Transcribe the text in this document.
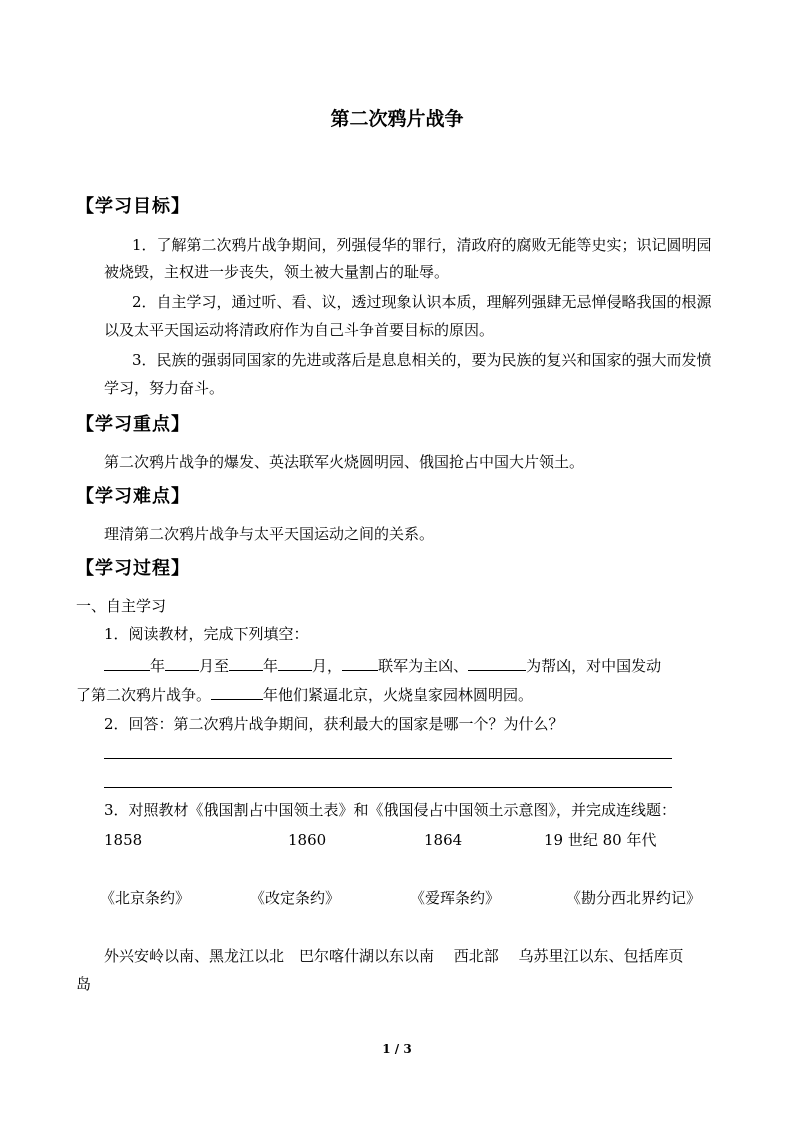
第二次鸦片战争
【学习目标】
1．了解第二次鸦片战争期间，列强侵华的罪行，清政府的腐败无能等史实；识记圆明园
被烧毁，主权进一步丧失，领土被大量割占的耻辱。
2．自主学习，通过听、看、议，透过现象认识本质，理解列强肆无忌惮侵略我国的根源
以及太平天国运动将清政府作为自己斗争首要目标的原因。
3．民族的强弱同国家的先进或落后是息息相关的，要为民族的复兴和国家的强大而发愤
学习，努力奋斗。
【学习重点】
第二次鸦片战争的爆发、英法联军火烧圆明园、俄国抢占中国大片领土。
【学习难点】
理清第二次鸦片战争与太平天国运动之间的关系。
【学习过程】
一、自主学习
1．阅读教材，完成下列填空：
年 月至 年 月， 联军为主凶、	为帮凶，对中国发动
了第二次鸦片战争。	年他们紧逼北京，火烧皇家园林圆明园。
2．回答：第二次鸦片战争期间，获利最大的国家是哪一个？为什么？
3．对照教材《俄国割占中国领土表》和《俄国侵占中国领土示意图》，并完成连线题：
1858	1860	1864	19 世纪 80 年代
《北京条约》	《改定条约》	《爱珲条约》	《勘分西北界约记》
外兴安岭以南、黑龙江以北　巴尔喀什湖以东以南　 西北部　 乌苏里江以东、包括库页
岛
1 / 3
